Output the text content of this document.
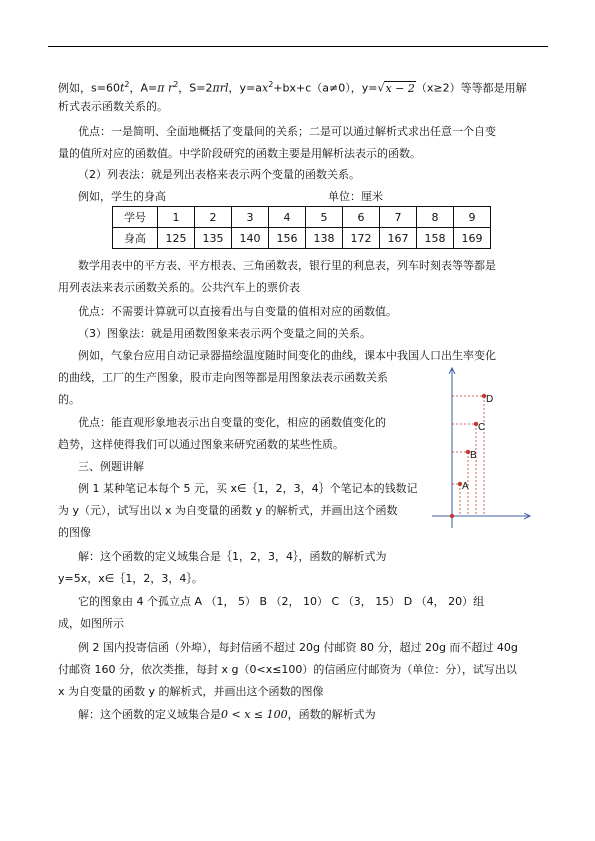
例如，$s=60t^2$，A=π $r^2$，S=2πrl，$y=ax^2+bx+c(a\ne 0)$，y=√x − 2（x≥2）等等都是用解
析式表示函数关系的。
优点：一是简明、全面地概括了变量间的关系；二是可以通过解析式求出任意一个自变
量的值所对应的函数值。中学阶段研究的函数主要是用解析法表示的函数。
（2）列表法：就是列出表格来表示两个变量的函数关系。
例如，学生的身高	单位：厘米
学号	1	2	3	4	5	6	7	8	9
身高	125	135	140	156	138	172	167	158	169
数学用表中的平方表、平方根表、三角函数表，银行里的利息表，列车时刻表等等都是
用列表法来表示函数关系的。公共汽车上的票价表
优点：不需要计算就可以直接看出与自变量的值相对应的函数值。
（3）图象法：就是用函数图象来表示两个变量之间的关系。
例如，气象台应用自动记录器描绘温度随时间变化的曲线，课本中我国人口出生率变化
的曲线，工厂的生产图象，股市走向图等都是用图象法表示函数关系
的。
优点：能直观形象地表示出自变量的变化，相应的函数值变化的
趋势，这样使得我们可以通过图象来研究函数的某些性质。
三、例题讲解
例 1 某种笔记本每个 5 元，买 x∈｛1，2，3，4｝个笔记本的钱数记
为 y（元），试写出以 x 为自变量的函数 y 的解析式，并画出这个函数
的图像
解：这个函数的定义域集合是｛1，2，3，4｝，函数的解析式为
y=5x，x∈｛1，2，3，4｝。
它的图象由 4 个孤立点 A （1， 5） B （2， 10） C （3， 15） D （4， 20）组
成，如图所示
例 2 国内投寄信函（外埠），每封信函不超过 20g 付邮资 80 分，超过 20g 而不超过 40g
付邮资 160 分，依次类推，每封 x g（0<x≤100）的信函应付邮资为（单位：分），试写出以
x 为自变量的函数 y 的解析式，并画出这个函数的图像
解：这个函数的定义域集合是0 < x ≤ 100，函数的解析式为
A
B
C
D
